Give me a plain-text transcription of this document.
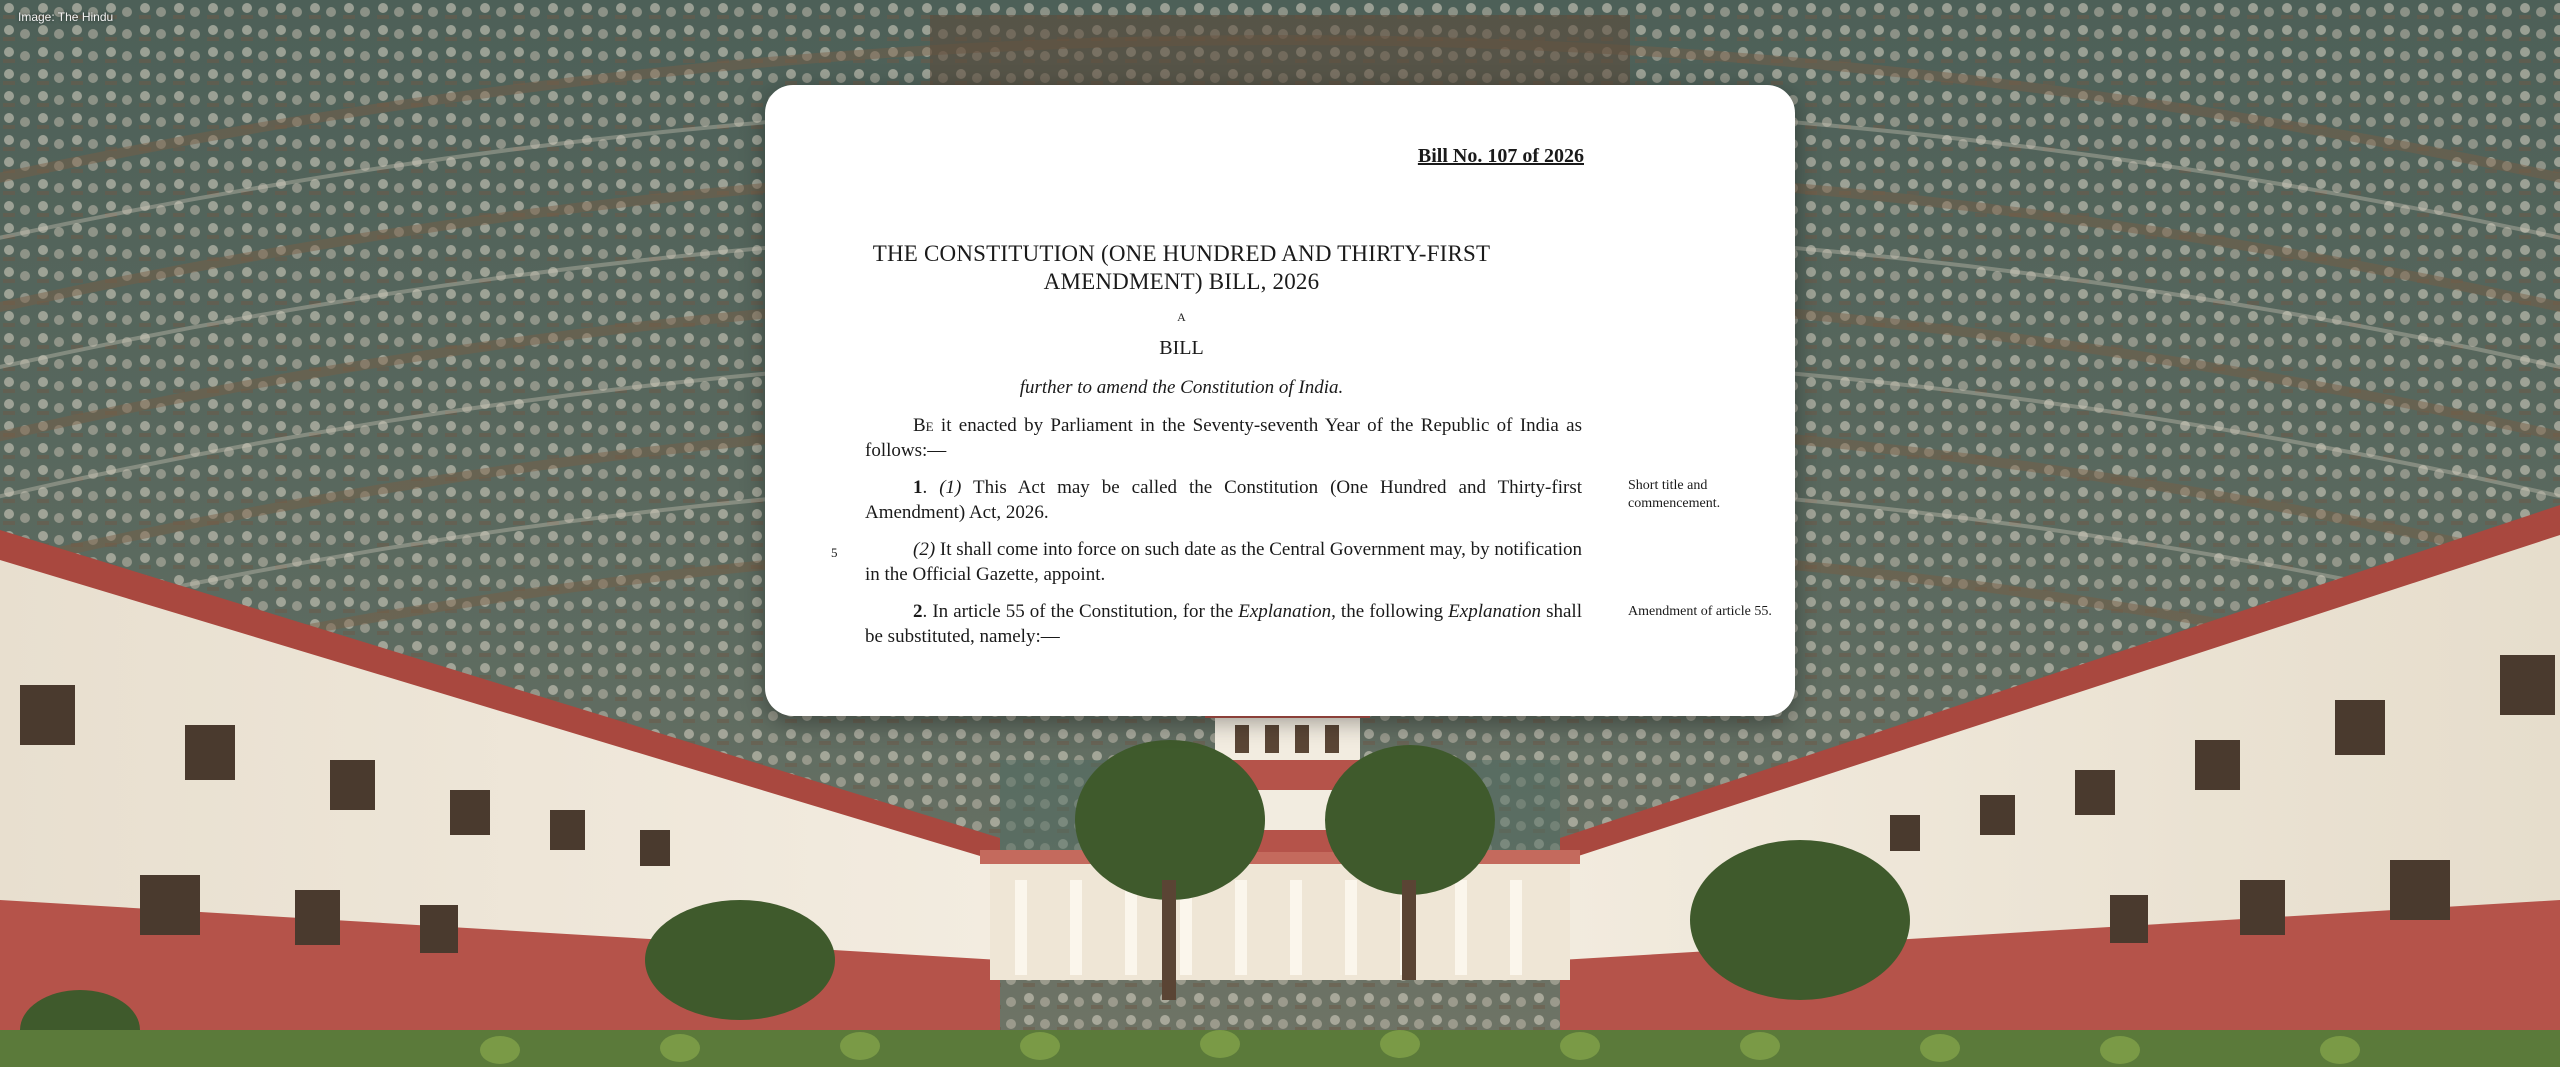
Image: The Hindu
Bill No. 107 of 2026
THE CONSTITUTION (ONE HUNDRED AND THIRTY-FIRST AMENDMENT) BILL, 2026
A
BILL
further to amend the Constitution of India.
Be it enacted by Parliament in the Seventy-seventh Year of the Republic of India as follows:—
1. (1) This Act may be called the Constitution (One Hundred and Thirty-first Amendment) Act, 2026.
(2) It shall come into force on such date as the Central Government may, by notification in the Official Gazette, appoint.
2. In article 55 of the Constitution, for the Explanation, the following Explanation shall be substituted, namely:—
5
Short title and commencement.
Amendment of article 55.
